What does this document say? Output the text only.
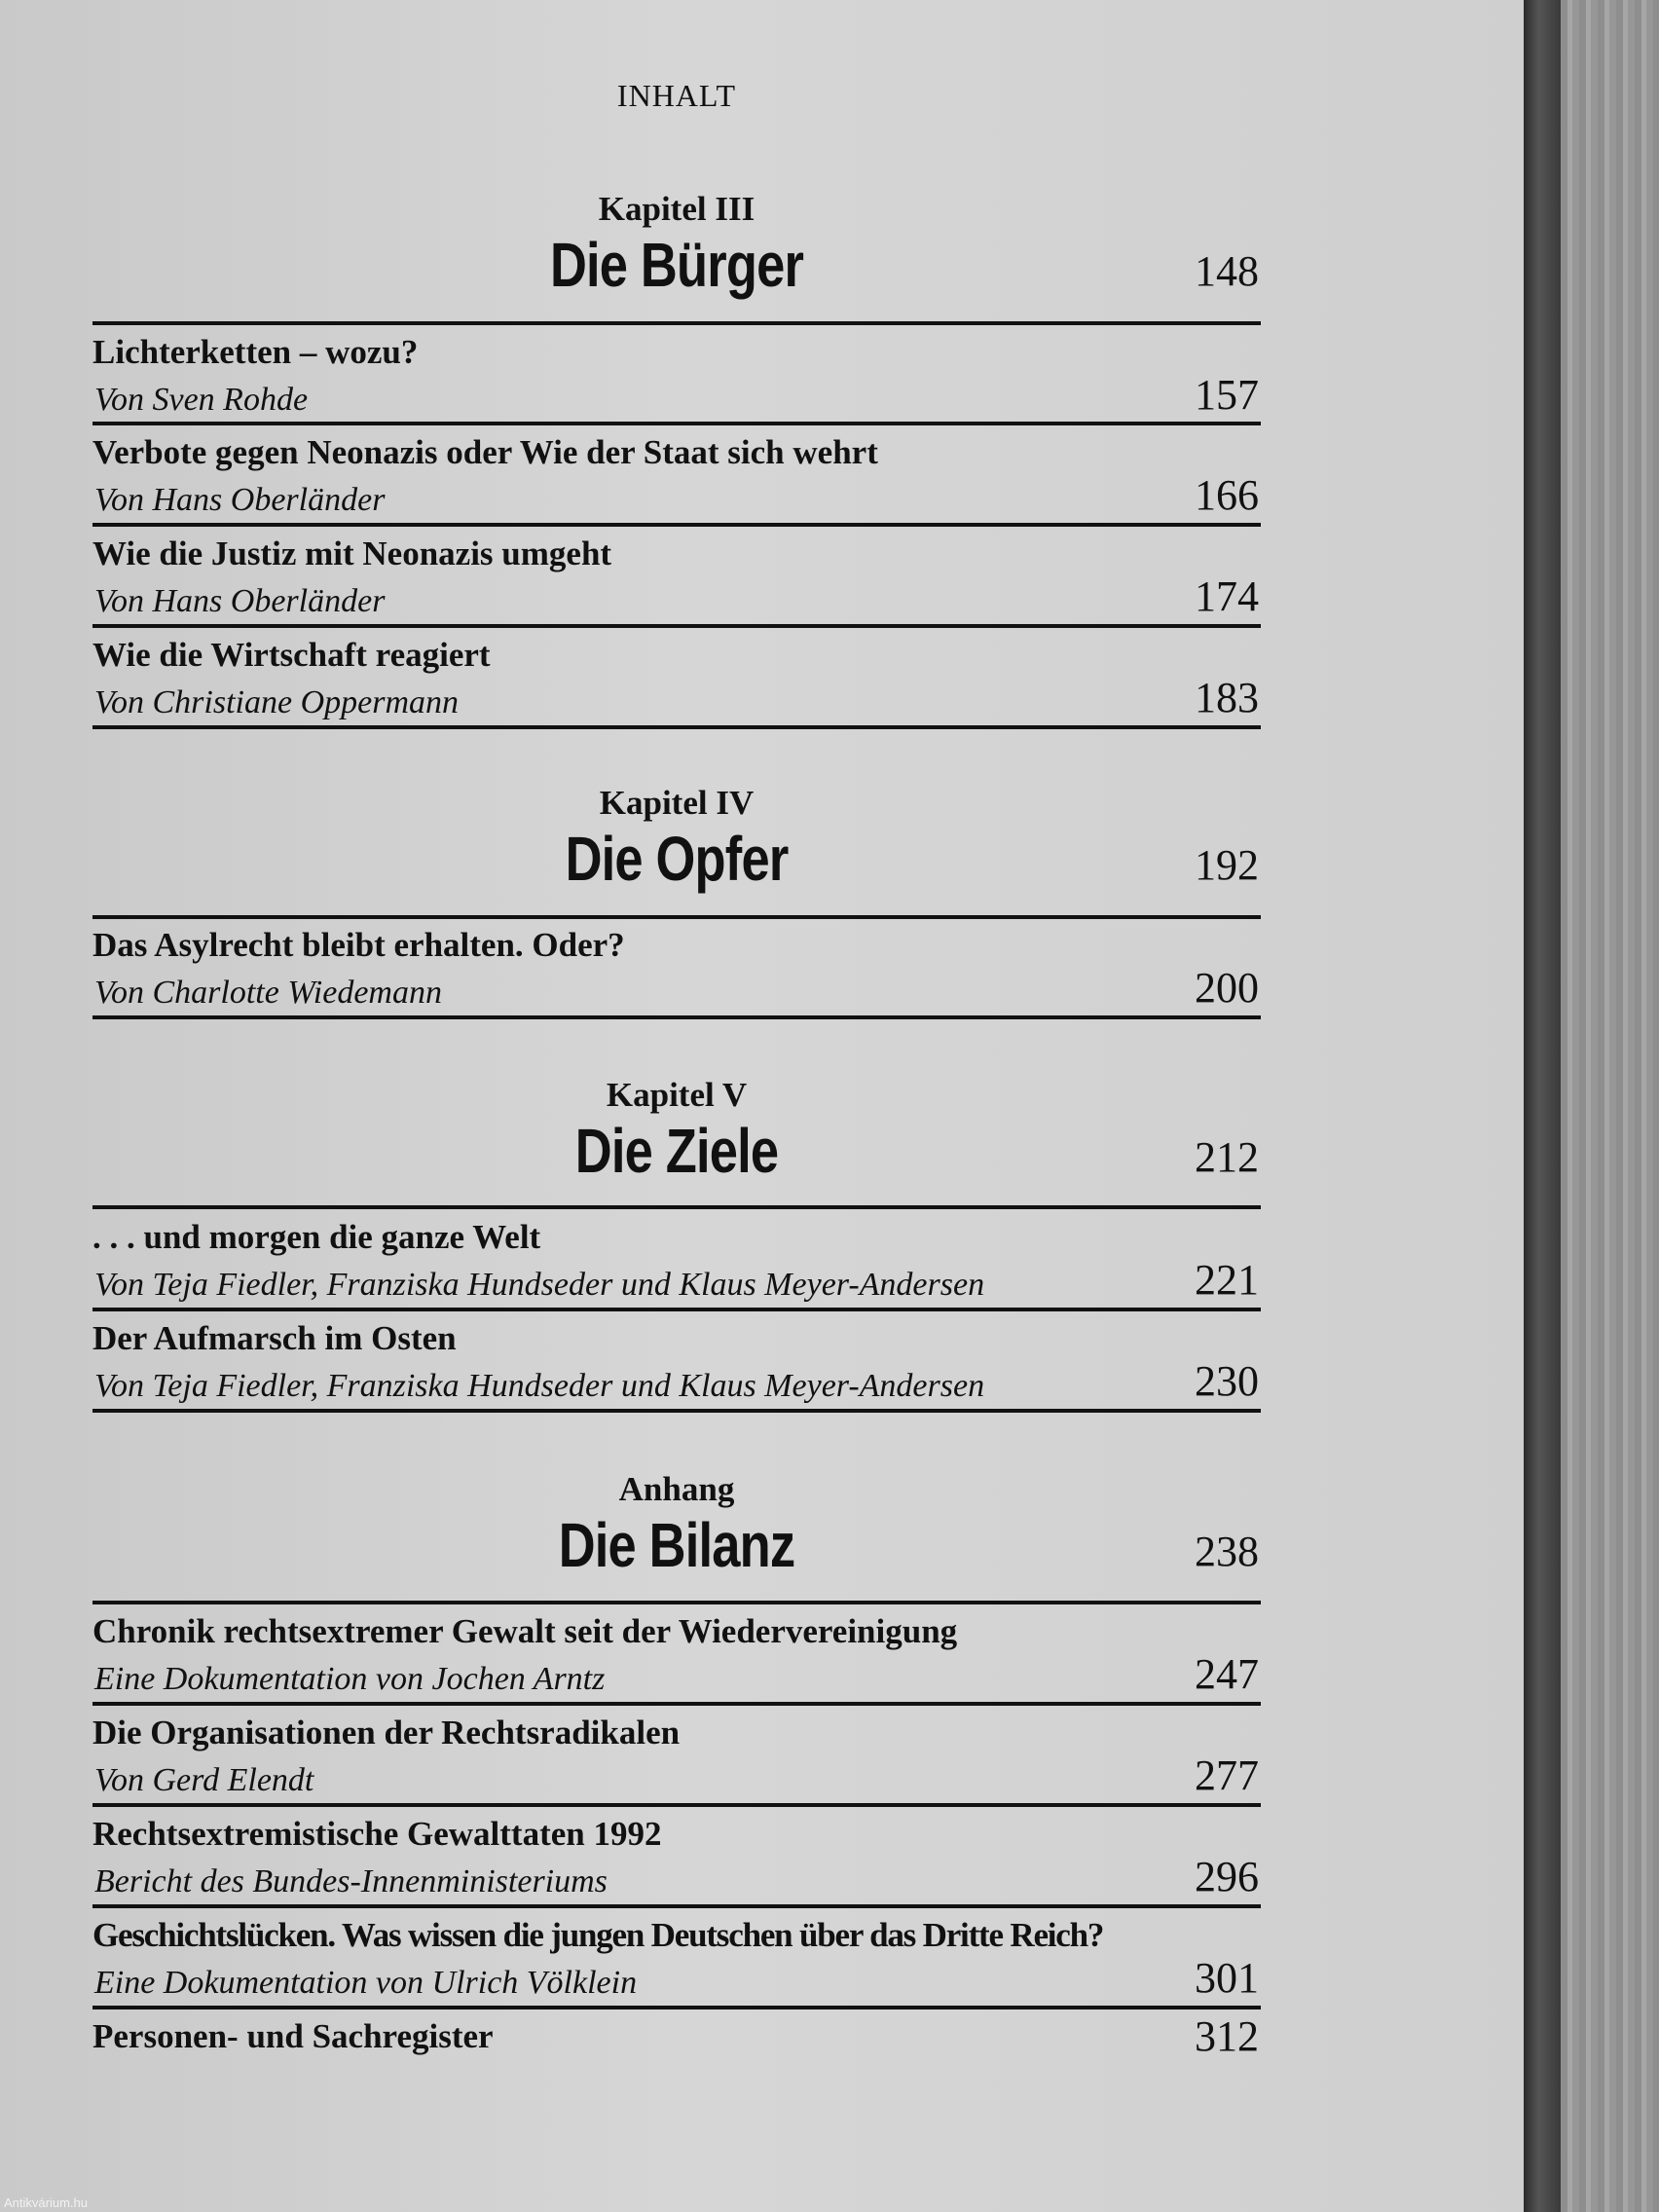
INHALT
Kapitel III
Die Bürger	148
Lichterketten – wozu?
Von Sven Rohde	157
Verbote gegen Neonazis oder Wie der Staat sich wehrt
Von Hans Oberländer	166
Wie die Justiz mit Neonazis umgeht
Von Hans Oberländer	174
Wie die Wirtschaft reagiert
Von Christiane Oppermann	183
Kapitel IV
Die Opfer	192
Das Asylrecht bleibt erhalten. Oder?
Von Charlotte Wiedemann	200
Kapitel V
Die Ziele	212
. . . und morgen die ganze Welt
Von Teja Fiedler, Franziska Hundseder und Klaus Meyer-Andersen	221
Der Aufmarsch im Osten
Von Teja Fiedler, Franziska Hundseder und Klaus Meyer-Andersen	230
Anhang
Die Bilanz	238
Chronik rechtsextremer Gewalt seit der Wiedervereinigung
Eine Dokumentation von Jochen Arntz	247
Die Organisationen der Rechtsradikalen
Von Gerd Elendt	277
Rechtsextremistische Gewalttaten 1992
Bericht des Bundes-Innenministeriums	296
Geschichtslücken. Was wissen die jungen Deutschen über das Dritte Reich?
Eine Dokumentation von Ulrich Völklein	301
Personen- und Sachregister	312
Antikvárium.hu
